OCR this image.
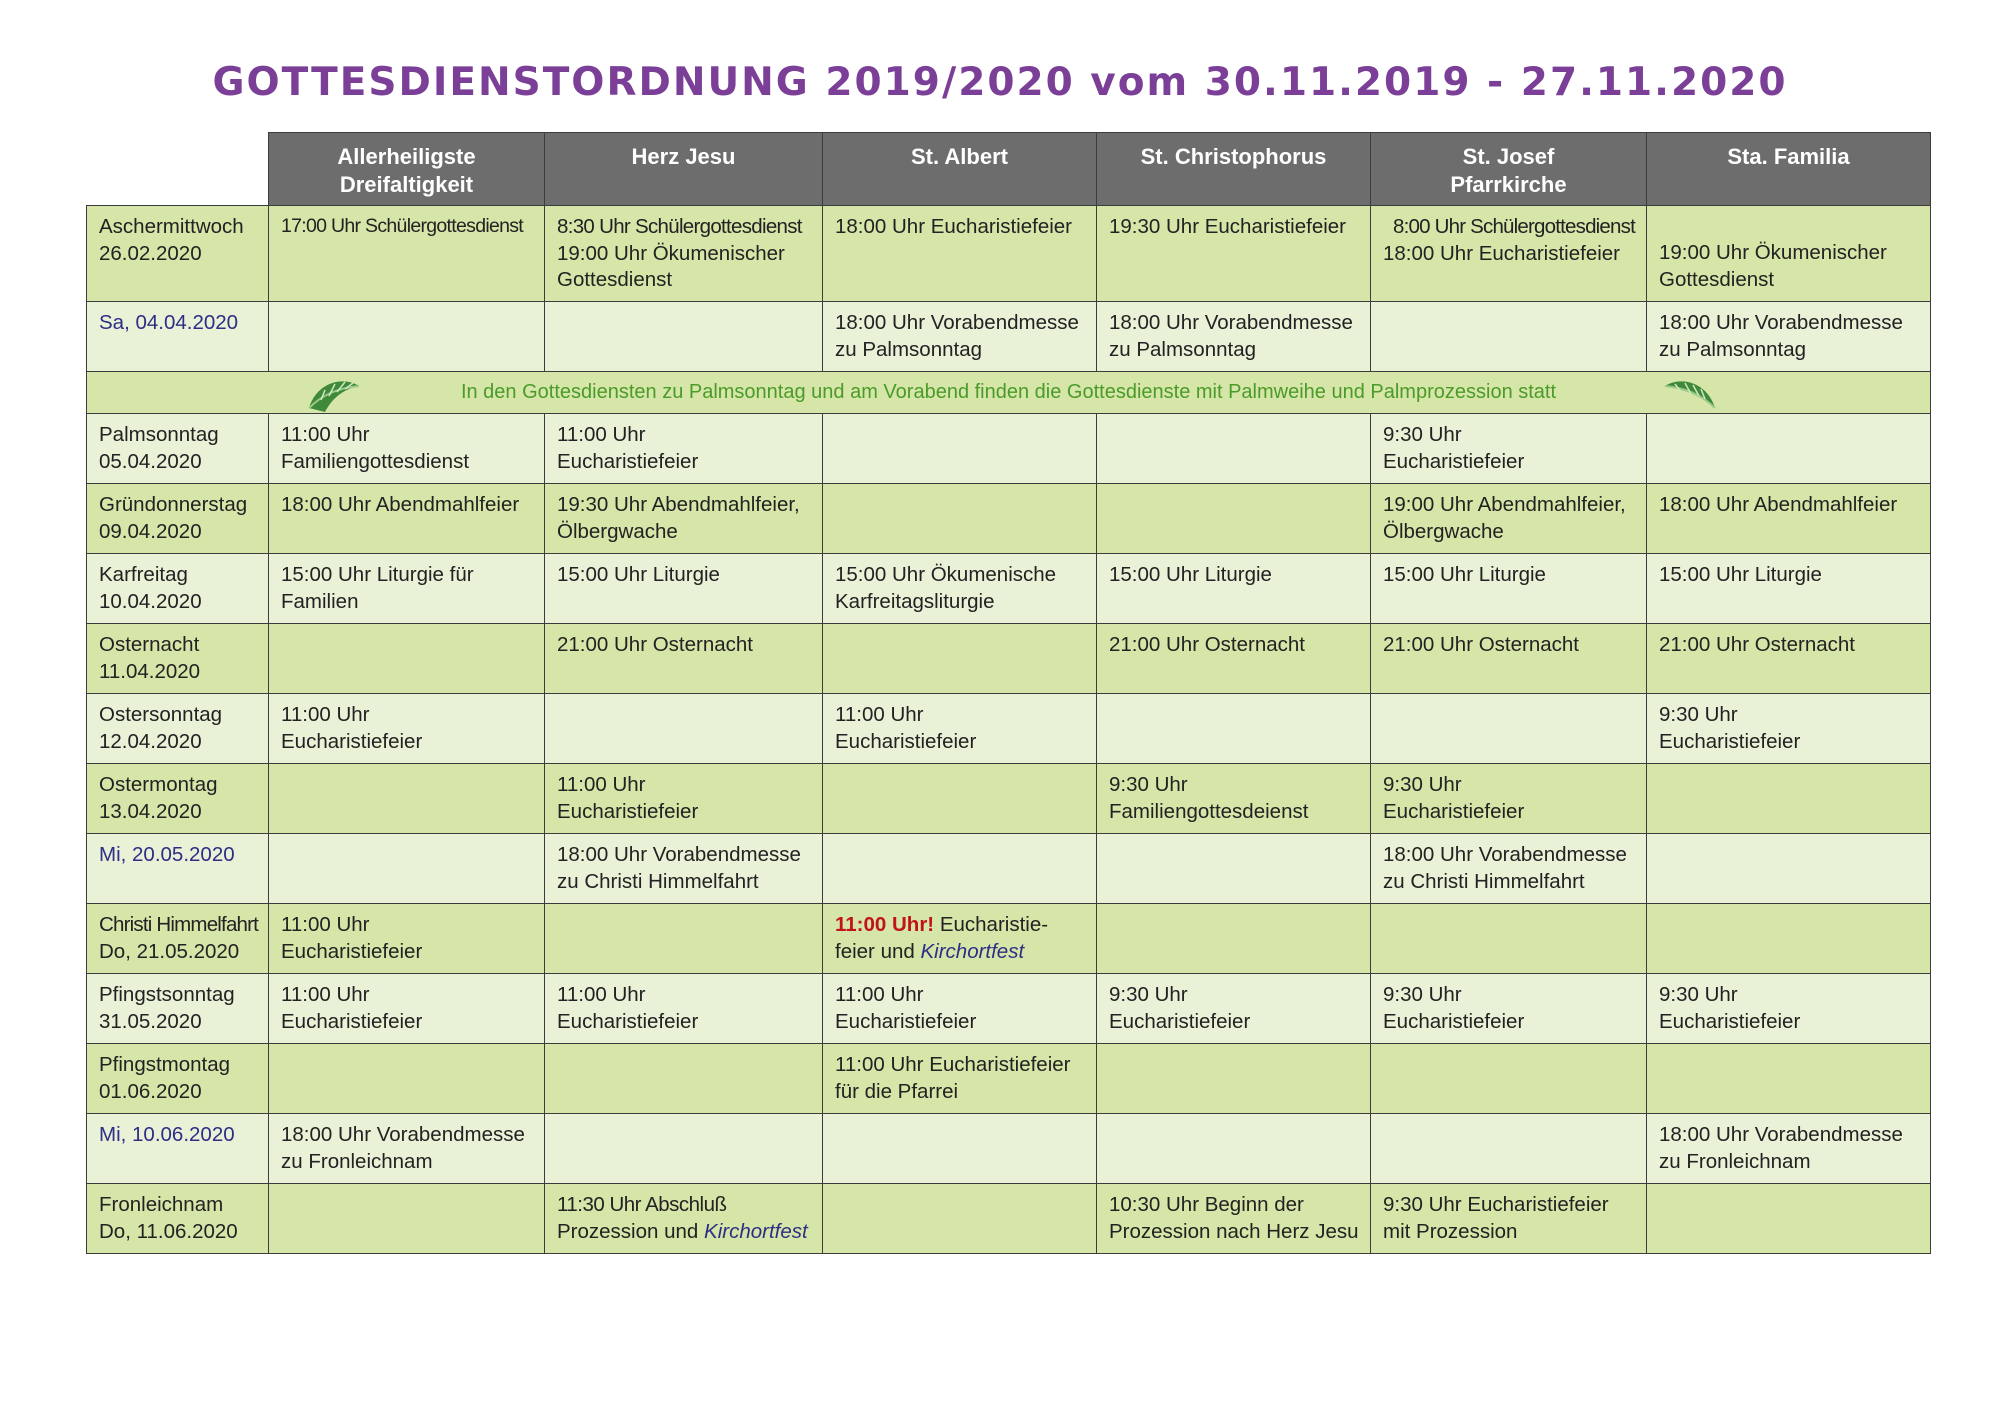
GOTTESDIENSTORDNUNG 2019/2020 vom 30.11.2019 - 27.11.2020

	Allerheiligste
Dreifaltigkeit	Herz Jesu	St. Albert	St. Christophorus	St. Josef
Pfarrkirche	Sta. Familia

Aschermittwoch
26.02.2020	17:00 Uhr Schülergottesdienst	8:30 Uhr Schülergottesdienst
19:00 Uhr Ökumenischer
Gottesdienst	18:00 Uhr Eucharistiefeier	19:30 Uhr Eucharistiefeier	8:00 Uhr Schülergottesdienst
18:00 Uhr Eucharistiefeier	19:00 Uhr Ökumenischer
Gottesdienst

Sa, 04.04.2020			18:00 Uhr Vorabendmesse
zu Palmsonntag	18:00 Uhr Vorabendmesse
zu Palmsonntag		18:00 Uhr Vorabendmesse
zu Palmsonntag

In den Gottesdiensten zu Palmsonntag und am Vorabend finden die Gottesdienste mit Palmweihe und Palmprozession statt						

Palmsonntag
05.04.2020	11:00 Uhr
Familiengottesdienst	11:00 Uhr
Eucharistiefeier			9:30 Uhr
Eucharistiefeier	

Gründonnerstag
09.04.2020	18:00 Uhr Abendmahlfeier	19:30 Uhr Abendmahlfeier,
Ölbergwache			19:00 Uhr Abendmahlfeier,
Ölbergwache	18:00 Uhr Abendmahlfeier

Karfreitag
10.04.2020	15:00 Uhr Liturgie für
Familien	15:00 Uhr Liturgie	15:00 Uhr Ökumenische
Karfreitagsliturgie	15:00 Uhr Liturgie	15:00 Uhr Liturgie	15:00 Uhr Liturgie

Osternacht
11.04.2020		21:00 Uhr Osternacht		21:00 Uhr Osternacht	21:00 Uhr Osternacht	21:00 Uhr Osternacht

Ostersonntag
12.04.2020	11:00 Uhr
Eucharistiefeier		11:00 Uhr
Eucharistiefeier			9:30 Uhr
Eucharistiefeier

Ostermontag
13.04.2020		11:00 Uhr
Eucharistiefeier		9:30 Uhr
Familiengottesdeienst	9:30 Uhr
Eucharistiefeier	

Mi, 20.05.2020		18:00 Uhr Vorabendmesse
zu Christi Himmelfahrt			18:00 Uhr Vorabendmesse
zu Christi Himmelfahrt	

Christi Himmelfahrt
Do, 21.05.2020	11:00 Uhr
Eucharistiefeier		11:00 Uhr! Eucharistie-
feier und Kirchortfest			

Pfingstsonntag
31.05.2020	11:00 Uhr
Eucharistiefeier	11:00 Uhr
Eucharistiefeier	11:00 Uhr
Eucharistiefeier	9:30 Uhr
Eucharistiefeier	9:30 Uhr
Eucharistiefeier	9:30 Uhr
Eucharistiefeier

Pfingstmontag
01.06.2020			11:00 Uhr Eucharistiefeier
für die Pfarrei			

Mi, 10.06.2020	18:00 Uhr Vorabendmesse
zu Fronleichnam					18:00 Uhr Vorabendmesse
zu Fronleichnam

Fronleichnam
Do, 11.06.2020		11:30 Uhr Abschluß
Prozession und Kirchortfest		10:30 Uhr Beginn der
Prozession nach Herz Jesu	9:30 Uhr Eucharistiefeier
mit Prozession	
